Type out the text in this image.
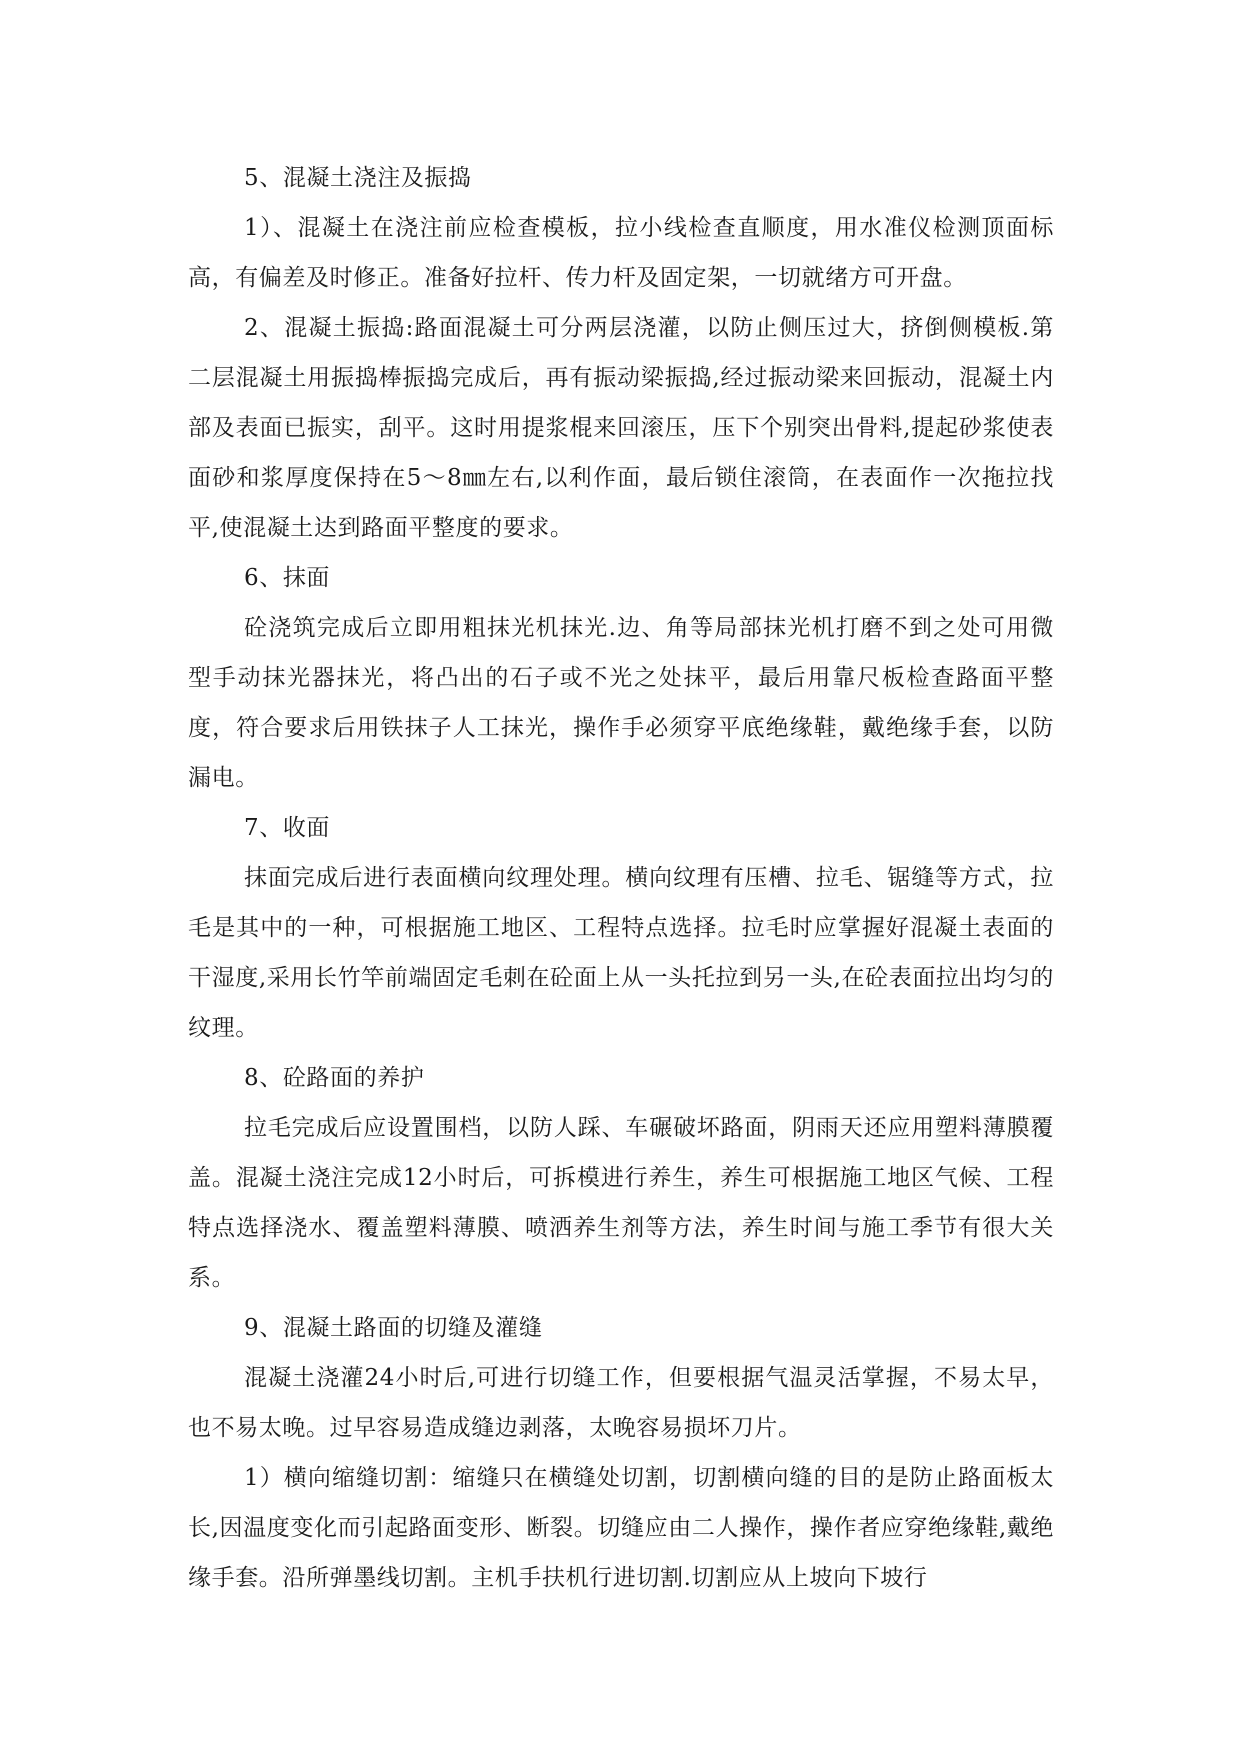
5、混凝土浇注及振捣

1）、混凝土在浇注前应检查模板，拉小线检查直顺度，用水准仪检测顶面标高，有偏差及时修正。准备好拉杆、传力杆及固定架，一切就绪方可开盘。

2、混凝土振捣:路面混凝土可分两层浇灌，以防止侧压过大，挤倒侧模板.第二层混凝土用振捣棒振捣完成后，再有振动梁振捣,经过振动梁来回振动，混凝土内部及表面已振实，刮平。这时用提浆棍来回滚压，压下个别突出骨料,提起砂浆使表面砂和浆厚度保持在5～8㎜左右,以利作面，最后锁住滚筒，在表面作一次拖拉找平,使混凝土达到路面平整度的要求。

6、抹面

砼浇筑完成后立即用粗抹光机抹光.边、角等局部抹光机打磨不到之处可用微型手动抹光器抹光，将凸出的石子或不光之处抹平，最后用靠尺板检查路面平整度，符合要求后用铁抹子人工抹光，操作手必须穿平底绝缘鞋，戴绝缘手套，以防漏电。

7、收面

抹面完成后进行表面横向纹理处理。横向纹理有压槽、拉毛、锯缝等方式，拉毛是其中的一种，可根据施工地区、工程特点选择。拉毛时应掌握好混凝土表面的干湿度,采用长竹竿前端固定毛刺在砼面上从一头托拉到另一头,在砼表面拉出均匀的纹理。

8、砼路面的养护

拉毛完成后应设置围档，以防人踩、车碾破坏路面，阴雨天还应用塑料薄膜覆盖。混凝土浇注完成12小时后，可拆模进行养生，养生可根据施工地区气候、工程特点选择浇水、覆盖塑料薄膜、喷洒养生剂等方法，养生时间与施工季节有很大关系。

9、混凝土路面的切缝及灌缝

混凝土浇灌24小时后,可进行切缝工作，但要根据气温灵活掌握，不易太早，也不易太晚。过早容易造成缝边剥落，太晚容易损坏刀片。

1）横向缩缝切割：缩缝只在横缝处切割，切割横向缝的目的是防止路面板太长,因温度变化而引起路面变形、断裂。切缝应由二人操作，操作者应穿绝缘鞋,戴绝缘手套。沿所弹墨线切割。主机手扶机行进切割.切割应从上坡向下坡行
